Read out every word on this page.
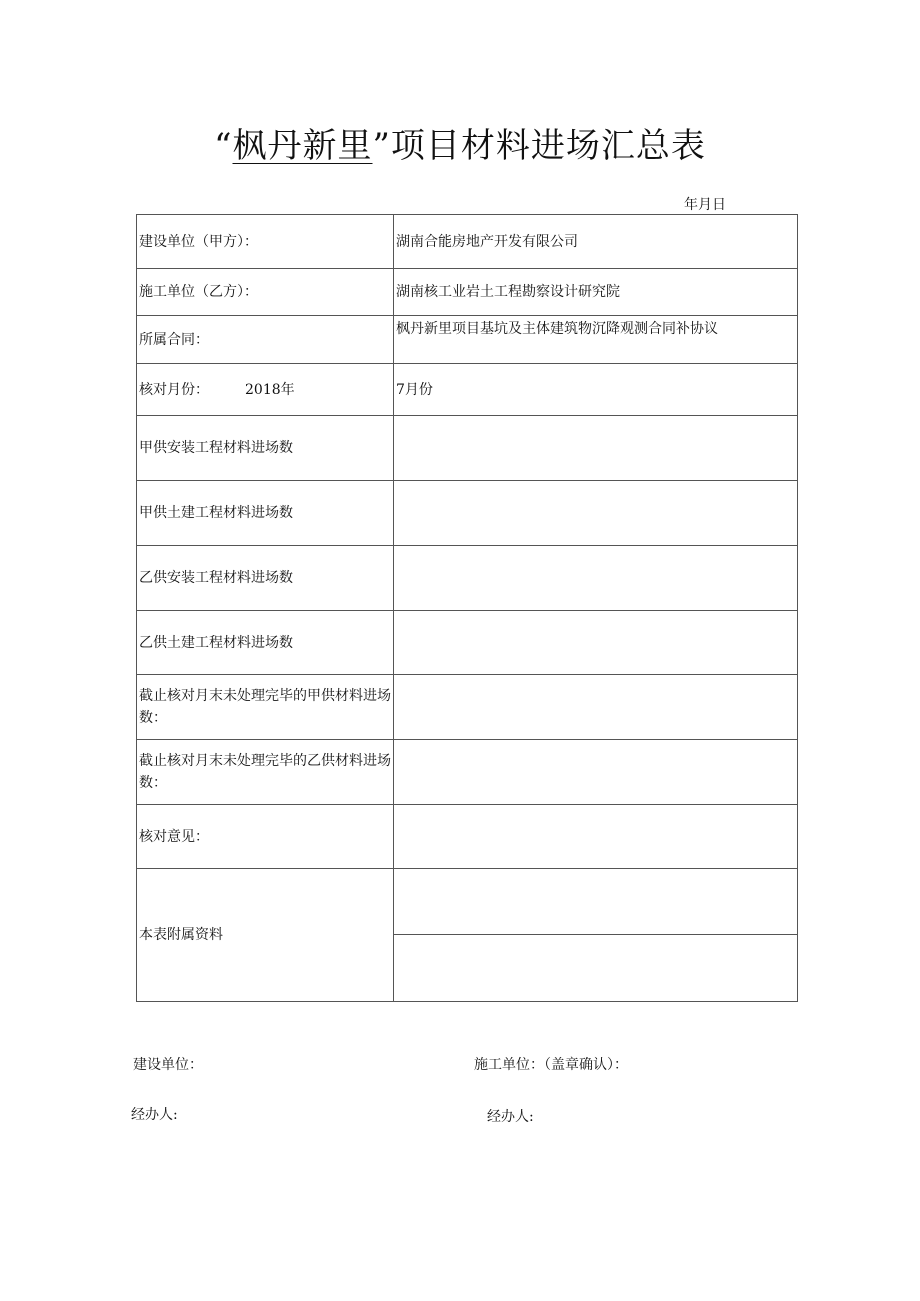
“枫丹新里”项目材料进场汇总表
年月日
建设单位（甲方）：	湖南合能房地产开发有限公司
施工单位（乙方）：	湖南核工业岩土工程勘察设计研究院
所属合同：	枫丹新里项目基坑及主体建筑物沉降观测合同补协议
核对月份： 2018年	7月份
甲供安装工程材料进场数	
甲供土建工程材料进场数	
乙供安装工程材料进场数	
乙供土建工程材料进场数	
截止核对月末未处理完毕的甲供材料进场数：	
截止核对月末未处理完毕的乙供材料进场数：	
核对意见：	
本表附属资料	

建设单位：	施工单位：（盖章确认）：
经办人:	经办人:
